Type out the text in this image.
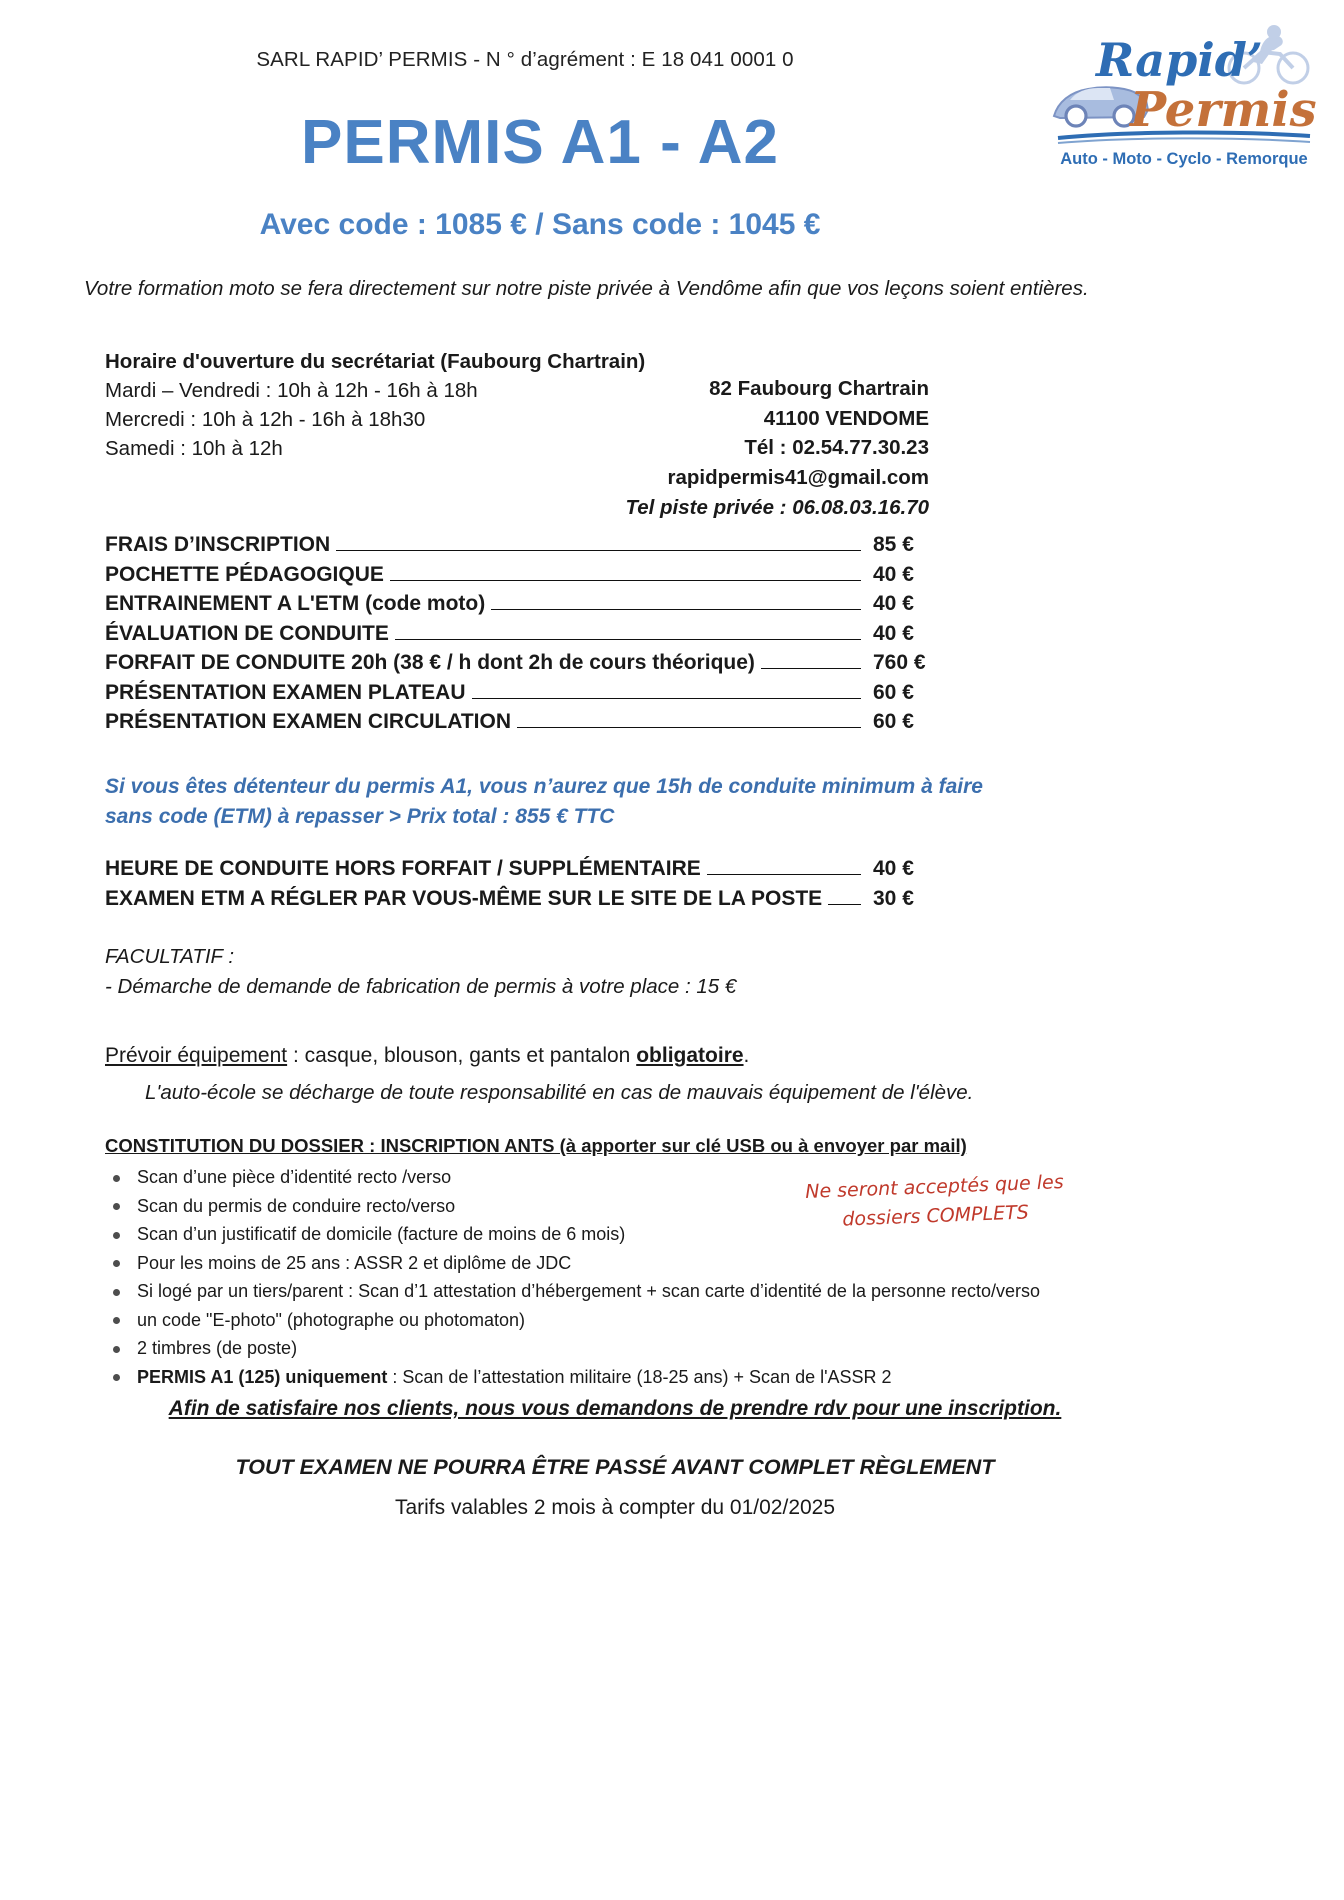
SARL RAPID’ PERMIS - N ° d’agrément : E 18 041 0001 0	Rapid’
Permis
Auto - Moto - Cyclo - Remorque
PERMIS A1 - A2
Avec code : 1085 € / Sans code : 1045 €
Votre formation moto se fera directement sur notre piste privée à Vendôme afin que vos leçons soient entières.
Horaire d'ouverture du secrétariat (Faubourg Chartrain)
Mardi – Vendredi : 10h à 12h - 16h à 18h
Mercredi : 10h à 12h - 16h à 18h30
Samedi : 10h à 12h
82 Faubourg Chartrain
41100 VENDOME
Tél : 02.54.77.30.23
rapidpermis41@gmail.com
Tel piste privée : 06.08.03.16.70
FRAIS D’INSCRIPTION	85 €
POCHETTE PÉDAGOGIQUE	40 €
ENTRAINEMENT A L'ETM (code moto)	40 €
ÉVALUATION DE CONDUITE	40 €
FORFAIT DE CONDUITE 20h (38 € / h dont 2h de cours théorique)	760 €
PRÉSENTATION EXAMEN PLATEAU	60 €
PRÉSENTATION EXAMEN CIRCULATION	60 €
Si vous êtes détenteur du permis A1, vous n’aurez que 15h de conduite minimum à faire
sans code (ETM) à repasser > Prix total : 855 € TTC
HEURE DE CONDUITE HORS FORFAIT / SUPPLÉMENTAIRE	40 €
EXAMEN ETM A RÉGLER PAR VOUS-MÊME SUR LE SITE DE LA POSTE 30 €
FACULTATIF :
- Démarche de demande de fabrication de permis à votre place : 15 €
Prévoir équipement : casque, blouson, gants et pantalon obligatoire.
L'auto-école se décharge de toute responsabilité en cas de mauvais équipement de l'élève.
CONSTITUTION DU DOSSIER : INSCRIPTION ANTS (à apporter sur clé USB ou à envoyer par mail)
Scan d’une pièce d’identité recto /verso
Scan du permis de conduire recto/verso
Scan d’un justificatif de domicile (facture de moins de 6 mois)
Pour les moins de 25 ans : ASSR 2 et diplôme de JDC
Si logé par un tiers/parent : Scan d’1 attestation d’hébergement + scan carte d’identité de la personne recto/verso
un code "E-photo" (photographe ou photomaton)
2 timbres (de poste)
PERMIS A1 (125) uniquement : Scan de l’attestation militaire (18-25 ans) + Scan de l'ASSR 2
Ne seront acceptés que les
dossiers COMPLETS
Afin de satisfaire nos clients, nous vous demandons de prendre rdv pour une inscription.
TOUT EXAMEN NE POURRA ÊTRE PASSÉ AVANT COMPLET RÈGLEMENT
Tarifs valables 2 mois à compter du 01/02/2025
